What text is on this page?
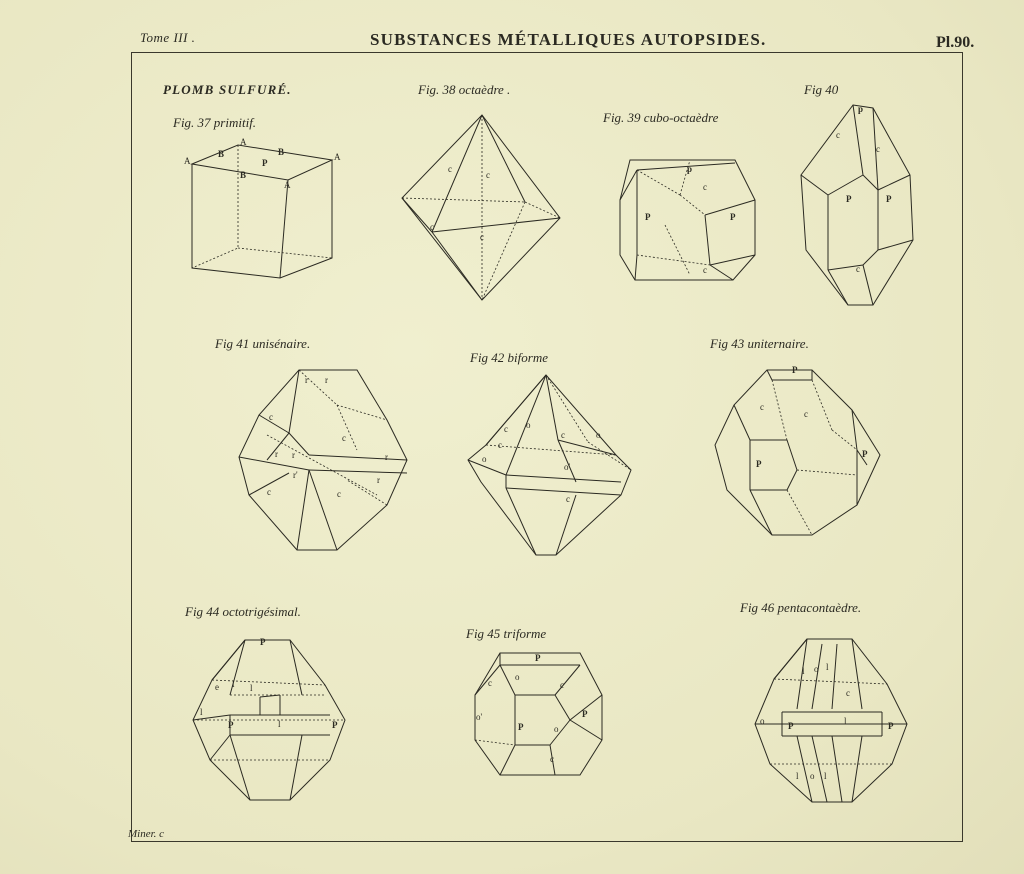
Tome III .	SUBSTANCES MÉTALLIQUES AUTOPSIDES.	Pl.90.
PLOMB SULFURÉ.
Fig. 37 primitif.
A
B
P
B	A
A
B
A
Fig. 38 octaèdre .
c
c
c
c
Fig. 39 cubo-octaèdre
p
c
P	P
c
Fig 40
p
c
c
P	P
c
Fig 41 unisénaire.
r r
c
c
r r	r
r'
c
r
c
Fig 42 biforme
c o
c
o
c
o
o'
c
Fig 43 uniternaire.
P
c
c
P
P
Fig 44 octotrigésimal.
P
e l l
l
P	l	P
Fig 45 triforme
P
c
o
c
P
o'
P	o
c
Fig 46 pentacontaèdre.
l o l
c
o	P	l	P
l o l
Miner. c
